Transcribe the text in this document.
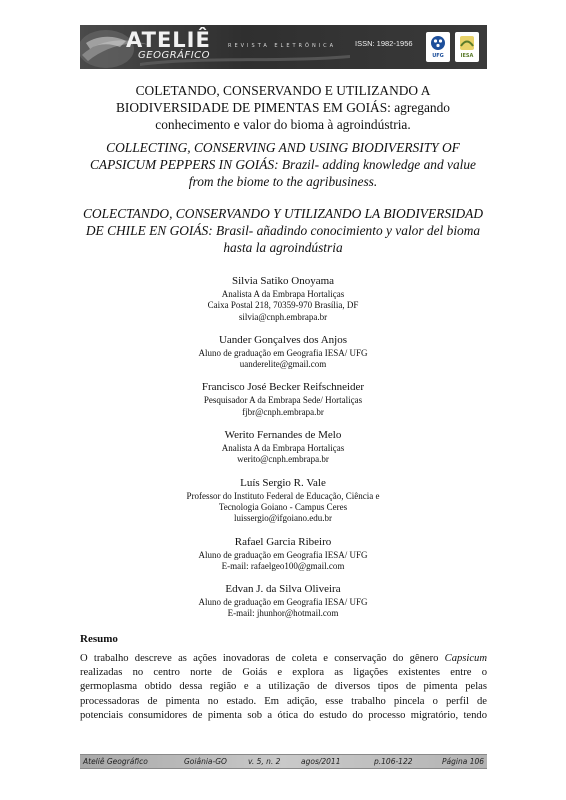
ATELIÊ
GEOGRÁFICO
REVISTA ELETRÔNICA	ISSN: 1982-1956
UFG	IESA
COLETANDO, CONSERVANDO E UTILIZANDO A
BIODIVERSIDADE DE PIMENTAS EM GOIÁS: agregando
conhecimento e valor do bioma à agroindústria.
COLLECTING, CONSERVING AND USING BIODIVERSITY OF
CAPSICUM PEPPERS IN GOIÁS: Brazil- adding knowledge and value
from the biome to the agribusiness.
COLECTANDO, CONSERVANDO Y UTILIZANDO LA BIODIVERSIDAD
DE CHILE EN GOIÁS: Brasil- añadindo conocimiento y valor del bioma
hasta la agroindústria
Silvia Satiko Onoyama
Analista A da Embrapa Hortaliças
Caixa Postal 218, 70359-970 Brasília, DF
silvia@cnph.embrapa.br
Uander Gonçalves dos Anjos
Aluno de graduação em Geografia IESA/ UFG
uanderelite@gmail.com
Francisco José Becker Reifschneider
Pesquisador A da Embrapa Sede/ Hortaliças
fjbr@cnph.embrapa.br
Werito Fernandes de Melo
Analista A da Embrapa Hortaliças
werito@cnph.embrapa.br
Luís Sergio R. Vale
Professor do Instituto Federal de Educação, Ciência e
Tecnologia Goiano - Campus Ceres
luissergio@ifgoiano.edu.br
Rafael Garcia Ribeiro
Aluno de graduação em Geografia IESA/ UFG
E-mail: rafaelgeo100@gmail.com
Edvan J. da Silva Oliveira
Aluno de graduação em Geografia IESA/ UFG
E-mail: jhunhor@hotmail.com
Resumo

O trabalho descreve as ações inovadoras de coleta e conservação do gênero Capsicum
realizadas no centro norte de Goiás e explora as ligações existentes entre o
germoplasma obtido dessa região e a utilização de diversos tipos de pimenta pelas
processadoras de pimenta no estado. Em adição, esse trabalho pincela o perfil de
potenciais consumidores de pimenta sob a ótica do estudo do processo migratório, tendo

Ateliê Geográfico	Goiânia-GO	v. 5, n. 2	agos/2011	p.106-122	Página 106
